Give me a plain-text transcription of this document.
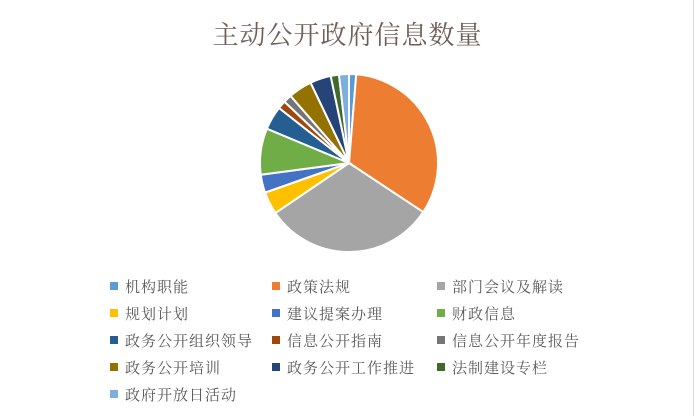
主动公开政府信息数量
机构职能	政策法规	部门会议及解读
规划计划	建议提案办理	财政信息
政务公开组织领导 信息公开指南	信息公开年度报告
政务公开培训	政务公开工作推进 法制建设专栏
政府开放日活动
